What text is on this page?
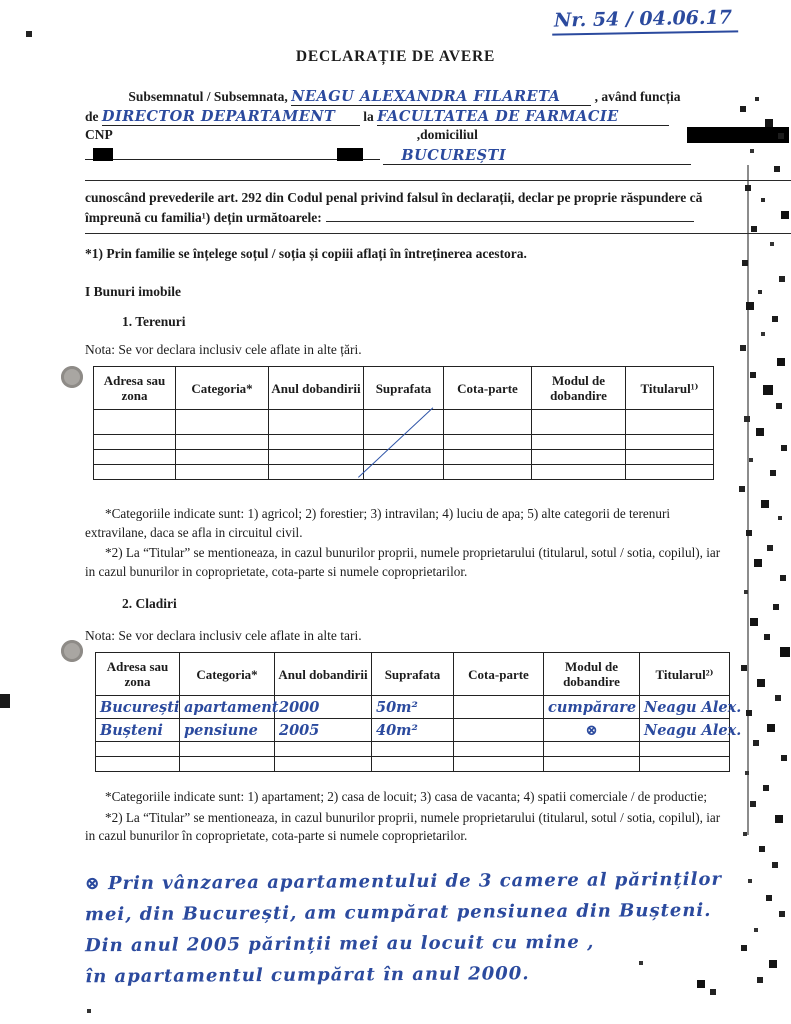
Nr. 54 / 04.06.17
DECLARAȚIE DE AVERE
Subsemnatul / Subsemnata, NEAGU ALEXANDRA FILARETA	, având funcția
de DIRECTOR DEPARTAMENT la FACULTATEA DE FARMACIE
CNP	,domiciliul
BUCUREȘTI
cunoscând prevederile art. 292 din Codul penal privind falsul în declarații, declar pe proprie răspundere că împreună cu familia¹) dețin următoarele:
*1) Prin familie se înțelege soțul / soția și copiii aflați în întreținerea acestora.
I Bunuri imobile
1. Terenuri
Nota: Se vor declara inclusiv cele aflate in alte țări.
Adresa sau zona	Categoria*	Anul dobandirii	Suprafata	Cota-parte	Modul de dobandire	Titularul¹⁾

*Categoriile indicate sunt: 1) agricol; 2) forestier; 3) intravilan; 4) luciu de apa; 5) alte categorii de terenuri extravilane, daca se afla in circuitul civil.

*2) La “Titular” se mentioneaza, in cazul bunurilor proprii, numele proprietarului (titularul, sotul / sotia, copilul), iar in cazul bunurilor in coproprietate, cota-parte si numele coproprietarilor.

2. Cladiri
Nota: Se vor declara inclusiv cele aflate in alte tari.
Adresa sau zona	Categoria*	Anul dobandirii	Suprafata	Cota-parte	Modul de dobandire	Titularul²⁾
București	apartament	2000	50m²		cumpărare	Neagu Alex.
Bușteni	pensiune	2005	40m²		⊗	Neagu Alex.

*Categoriile indicate sunt: 1) apartament; 2) casa de locuit; 3) casa de vacanta; 4) spatii comerciale / de productie;

*2) La “Titular” se mentioneaza, in cazul bunurilor proprii, numele proprietarului (titularul, sotul / sotia, copilul), iar in cazul bunurilor în coproprietate, cota-parte si numele coproprietarilor.

⊗ Prin vânzarea apartamentului de 3 camere al părinților
mei, din București, am cumpărat pensiunea din Bușteni.
Din anul 2005 părinții mei au locuit cu mine ,
în apartamentul cumpărat în anul 2000.
